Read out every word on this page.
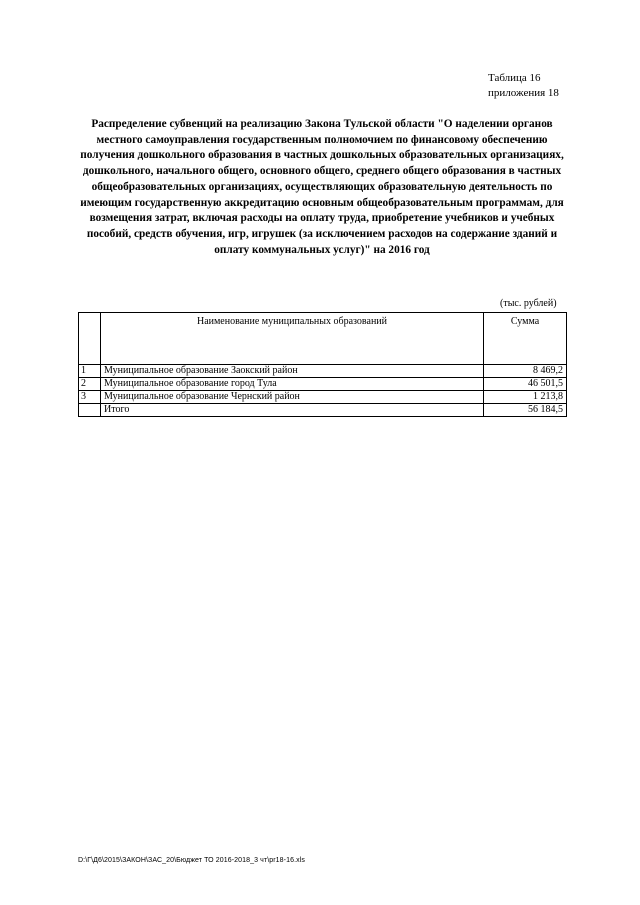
Таблица 16
приложения 18
Распределение субвенций на реализацию Закона Тульской области "О наделении органов местного самоуправления государственным полномочием по финансовому обеспечению получения дошкольного образования в частных дошкольных образовательных организациях, дошкольного, начального общего, основного общего, среднего общего образования в частных общеобразовательных организациях, осуществляющих образовательную деятельность по имеющим государственную аккредитацию основным общеобразовательным программам, для возмещения затрат, включая расходы на оплату труда, приобретение учебников и учебных пособий, средств обучения, игр, игрушек (за исключением расходов на содержание зданий и оплату коммунальных услуг)" на 2016 год
(тыс. рублей)
	Наименование муниципальных образований	Сумма
1	Муниципальное образование Заокский район	8 469,2
2	Муниципальное образование город Тула	46 501,5
3	Муниципальное образование Чернский район	1 213,8
	Итого	56 184,5
D:\Г\Д6\2015\ЗАКОН\ЗАС_20\Бюджет ТО 2016-2018_3 чт\pr18-16.xls
